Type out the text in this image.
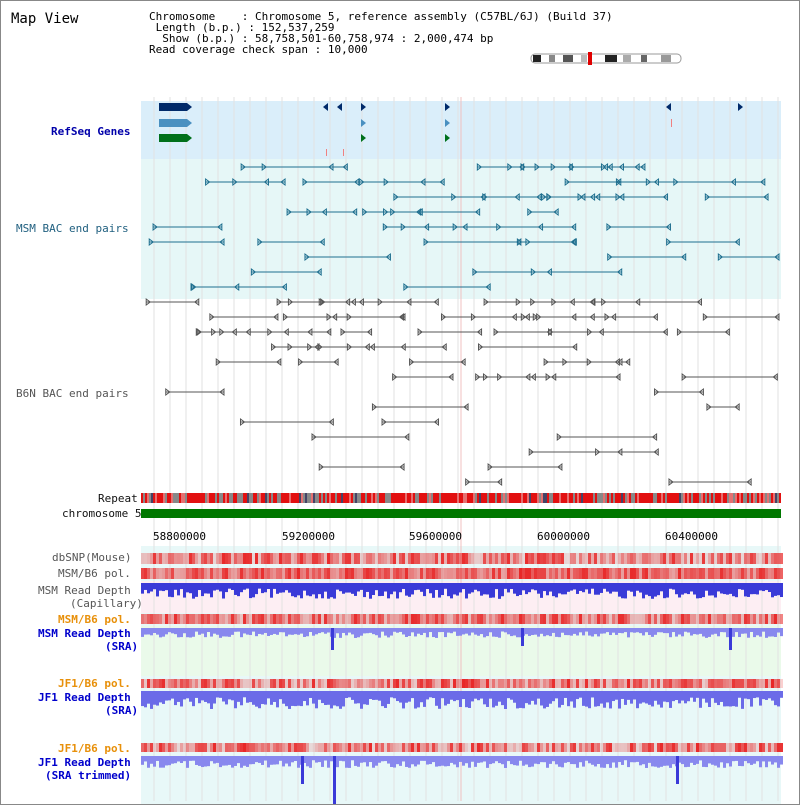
Map View	Chromosome    : Chromosome 5, reference assembly (C57BL/6J) (Build 37)
Length (b.p.) : 152,537,259
Show (b.p.) : 58,758,501-60,758,974 : 2,000,474 bp
Read coverage check span : 10,000
RefSeq Genes
MSM BAC end pairs
B6N BAC end pairs
Repeat
chromosome 5
dbSNP(Mouse)
MSM/B6 pol.
MSM Read Depth
(Capillary)
MSM/B6 pol.
MSM Read Depth
(SRA)
JF1/B6 pol.
JF1 Read Depth
(SRA)
JF1/B6 pol.
JF1 Read Depth
(SRA trimmed)
58800000	59200000	59600000	60000000	60400000
